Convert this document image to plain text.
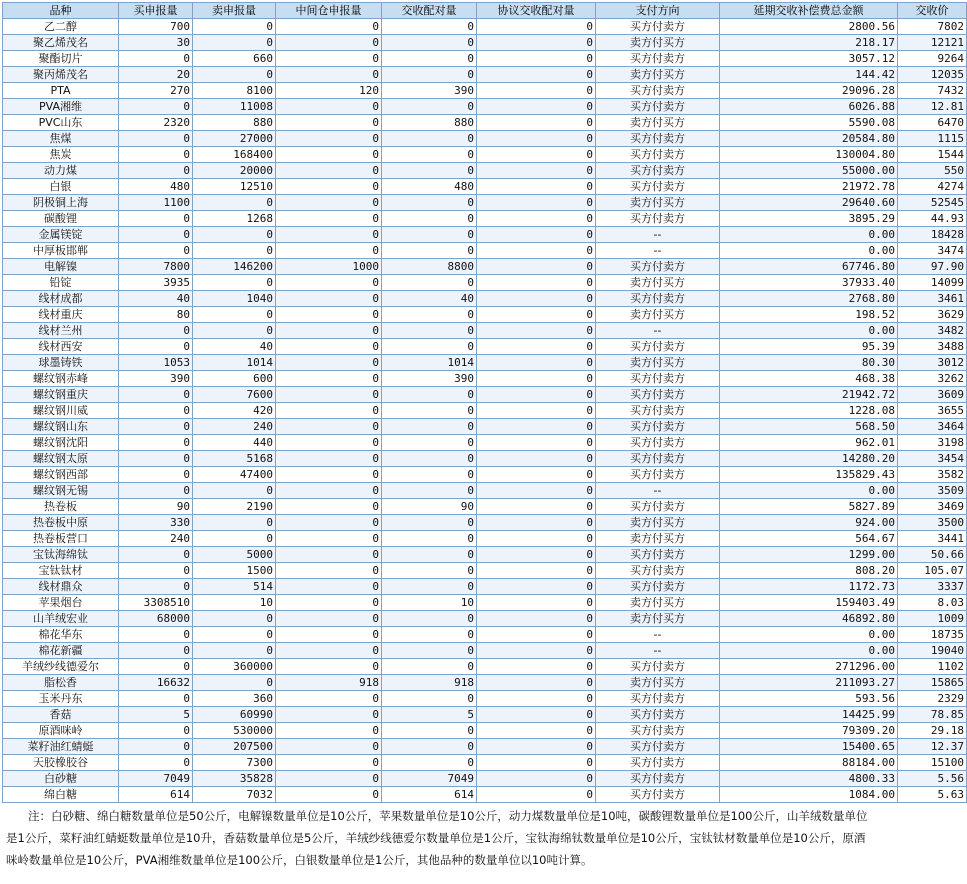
品种	买申报量	卖申报量	中间仓申报量	交收配对量	协议交收配对量	支付方向	延期交收补偿费总金额	交收价
乙二醇	700	0	0	0	0	买方付卖方	2800.56	7802
聚乙烯茂名	30	0	0	0	0	卖方付买方	218.17	12121
聚酯切片	0	660	0	0	0	买方付卖方	3057.12	9264
聚丙烯茂名	20	0	0	0	0	卖方付买方	144.42	12035
PTA	270	8100	120	390	0	买方付卖方	29096.28	7432
PVA湘维	0	11008	0	0	0	买方付卖方	6026.88	12.81
PVC山东	2320	880	0	880	0	卖方付买方	5590.08	6470
焦煤	0	27000	0	0	0	买方付卖方	20584.80	1115
焦炭	0	168400	0	0	0	买方付卖方	130004.80	1544
动力煤	0	20000	0	0	0	买方付卖方	55000.00	550
白银	480	12510	0	480	0	买方付卖方	21972.78	4274
阴极铜上海	1100	0	0	0	0	卖方付买方	29640.60	52545
碳酸锂	0	1268	0	0	0	买方付卖方	3895.29	44.93
金属镁锭	0	0	0	0	0	--	0.00	18428
中厚板邯郸	0	0	0	0	0	--	0.00	3474
电解镍	7800	146200	1000	8800	0	买方付卖方	67746.80	97.90
铅锭	3935	0	0	0	0	卖方付买方	37933.40	14099
线材成都	40	1040	0	40	0	买方付卖方	2768.80	3461
线材重庆	80	0	0	0	0	卖方付买方	198.52	3629
线材兰州	0	0	0	0	0	--	0.00	3482
线材西安	0	40	0	0	0	买方付卖方	95.39	3488
球墨铸铁	1053	1014	0	1014	0	卖方付买方	80.30	3012
螺纹钢赤峰	390	600	0	390	0	买方付卖方	468.38	3262
螺纹钢重庆	0	7600	0	0	0	买方付卖方	21942.72	3609
螺纹钢川威	0	420	0	0	0	买方付卖方	1228.08	3655
螺纹钢山东	0	240	0	0	0	买方付卖方	568.50	3464
螺纹钢沈阳	0	440	0	0	0	买方付卖方	962.01	3198
螺纹钢太原	0	5168	0	0	0	买方付卖方	14280.20	3454
螺纹钢西部	0	47400	0	0	0	买方付卖方	135829.43	3582
螺纹钢无锡	0	0	0	0	0	--	0.00	3509
热卷板	90	2190	0	90	0	买方付卖方	5827.89	3469
热卷板中原	330	0	0	0	0	卖方付买方	924.00	3500
热卷板营口	240	0	0	0	0	卖方付买方	564.67	3441
宝钛海绵钛	0	5000	0	0	0	买方付卖方	1299.00	50.66
宝钛钛材	0	1500	0	0	0	买方付卖方	808.20	105.07
线材鼎众	0	514	0	0	0	买方付卖方	1172.73	3337
苹果烟台	3308510	10	0	10	0	卖方付买方	159403.49	8.03
山羊绒宏业	68000	0	0	0	0	卖方付买方	46892.80	1009
棉花华东	0	0	0	0	0	--	0.00	18735
棉花新疆	0	0	0	0	0	--	0.00	19040
羊绒纱线德爱尔	0	360000	0	0	0	买方付卖方	271296.00	1102
脂松香	16632	0	918	918	0	卖方付买方	211093.27	15865
玉米丹东	0	360	0	0	0	买方付卖方	593.56	2329
香菇	5	60990	0	5	0	买方付卖方	14425.99	78.85
原酒咪岭	0	530000	0	0	0	买方付卖方	79309.20	29.18
菜籽油红蜻蜓	0	207500	0	0	0	买方付卖方	15400.65	12.37
天胶橡胶谷	0	7300	0	0	0	买方付卖方	88184.00	15100
白砂糖	7049	35828	0	7049	0	买方付卖方	4800.33	5.56
绵白糖	614	7032	0	614	0	买方付卖方	1084.00	5.63
注：白砂糖、绵白糖数量单位是50公斤，电解镍数量单位是10公斤，苹果数量单位是10公斤，动力煤数量单位是10吨，碳酸锂数量单位是100公斤，山羊绒数量单位
是1公斤，菜籽油红蜻蜓数量单位是10升，香菇数量单位是5公斤，羊绒纱线德爱尔数量单位是1公斤，宝钛海绵钛数量单位是10公斤，宝钛钛材数量单位是10公斤，原酒
咪岭数量单位是10公斤，PVA湘维数量单位是100公斤，白银数量单位是1公斤，其他品种的数量单位以10吨计算。
